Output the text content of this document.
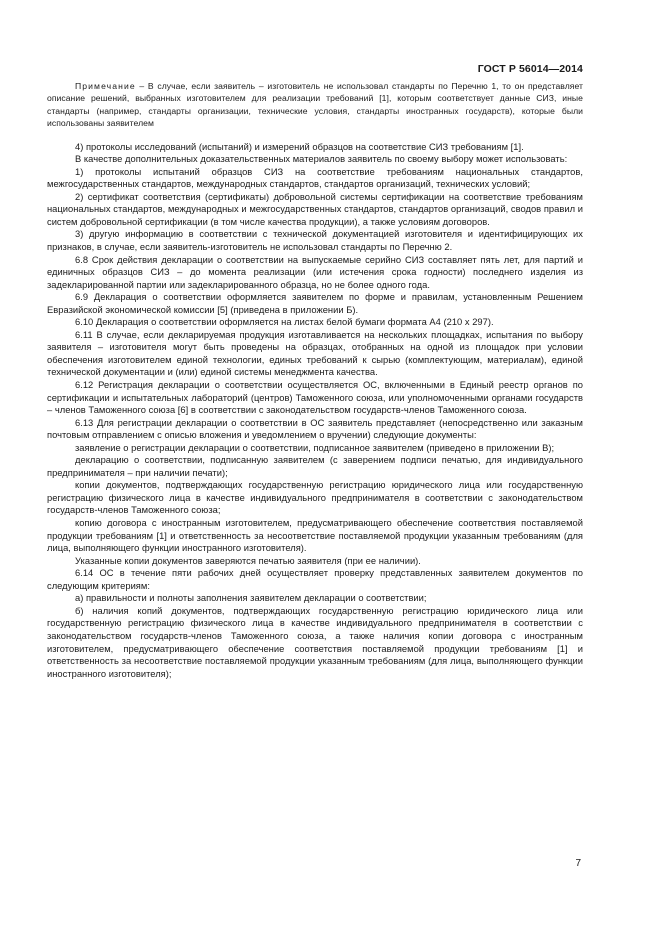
ГОСТ Р 56014—2014

Примечание – В случае, если заявитель – изготовитель не использовал стандарты по Перечню 1, то он представляет описание решений, выбранных изготовителем для реализации требований [1], которым соответствует данные СИЗ, иные стандарты (например, стандарты организации, технические условия, стандарты иностранных государств), которые были использованы заявителем

4) протоколы исследований (испытаний) и измерений образцов на соответствие СИЗ требованиям [1].

В качестве дополнительных доказательственных материалов заявитель по своему выбору может использовать:

1) протоколы испытаний образцов СИЗ на соответствие требованиям национальных стандартов, межгосударственных стандартов, международных стандартов, стандартов организаций, технических условий;

2) сертификат соответствия (сертификаты) добровольной системы сертификации на соответствие требованиям национальных стандартов, международных и межгосударственных стандартов, стандартов организаций, сводов правил и систем добровольной сертификации (в том числе качества продукции), а также условиям договоров.

3) другую информацию в соответствии с технической документацией изготовителя и идентифицирующих их признаков, в случае, если заявитель-изготовитель не использовал стандарты по Перечню 2.

6.8 Срок действия декларации о соответствии на выпускаемые серийно СИЗ составляет пять лет, для партий и единичных образцов СИЗ – до момента реализации (или истечения срока годности) последнего изделия из задекларированной партии или задекларированного образца, но не более одного года.

6.9 Декларация о соответствии оформляется заявителем по форме и правилам, установленным Решением Евразийской экономической комиссии [5] (приведена в приложении Б).

6.10 Декларация о соответствии оформляется на листах белой бумаги формата А4 (210 х 297).

6.11 В случае, если декларируемая продукция изготавливается на нескольких площадках, испытания по выбору заявителя – изготовителя могут быть проведены на образцах, отобранных на одной из площадок при условии обеспечения изготовителем единой технологии, единых требований к сырью (комплектующим, материалам), единой технической документации и (или) единой системы менеджмента качества.

6.12 Регистрация декларации о соответствии осуществляется ОС, включенными в Единый реестр органов по сертификации и испытательных лабораторий (центров) Таможенного союза, или уполномоченными органами государств – членов Таможенного союза [6] в соответствии с законодательством государств-членов Таможенного союза.

6.13 Для регистрации декларации о соответствии в ОС заявитель представляет (непосредственно или заказным почтовым отправлением с описью вложения и уведомлением о вручении) следующие документы:

заявление о регистрации декларации о соответствии, подписанное заявителем (приведено в приложении В);

декларацию о соответствии, подписанную заявителем (с заверением подписи печатью, для индивидуального предпринимателя – при наличии печати);

копии документов, подтверждающих государственную регистрацию юридического лица или государственную регистрацию физического лица в качестве индивидуального предпринимателя в соответствии с законодательством государств-членов Таможенного союза;

копию договора с иностранным изготовителем, предусматривающего обеспечение соответствия поставляемой продукции требованиям [1] и ответственность за несоответствие поставляемой продукции указанным требованиям (для лица, выполняющего функции иностранного изготовителя).

Указанные копии документов заверяются печатью заявителя (при ее наличии).

6.14 ОС в течение пяти рабочих дней осуществляет проверку представленных заявителем документов по следующим критериям:

а) правильности и полноты заполнения заявителем декларации о соответствии;

б) наличия копий документов, подтверждающих государственную регистрацию юридического лица или государственную регистрацию физического лица в качестве индивидуального предпринимателя в соответствии с законодательством государств-членов Таможенного союза, а также наличия копии договора с иностранным изготовителем, предусматривающего обеспечение соответствия поставляемой продукции требованиям [1] и ответственность за несоответствие поставляемой продукции указанным требованиям (для лица, выполняющего функции иностранного изготовителя);

7
